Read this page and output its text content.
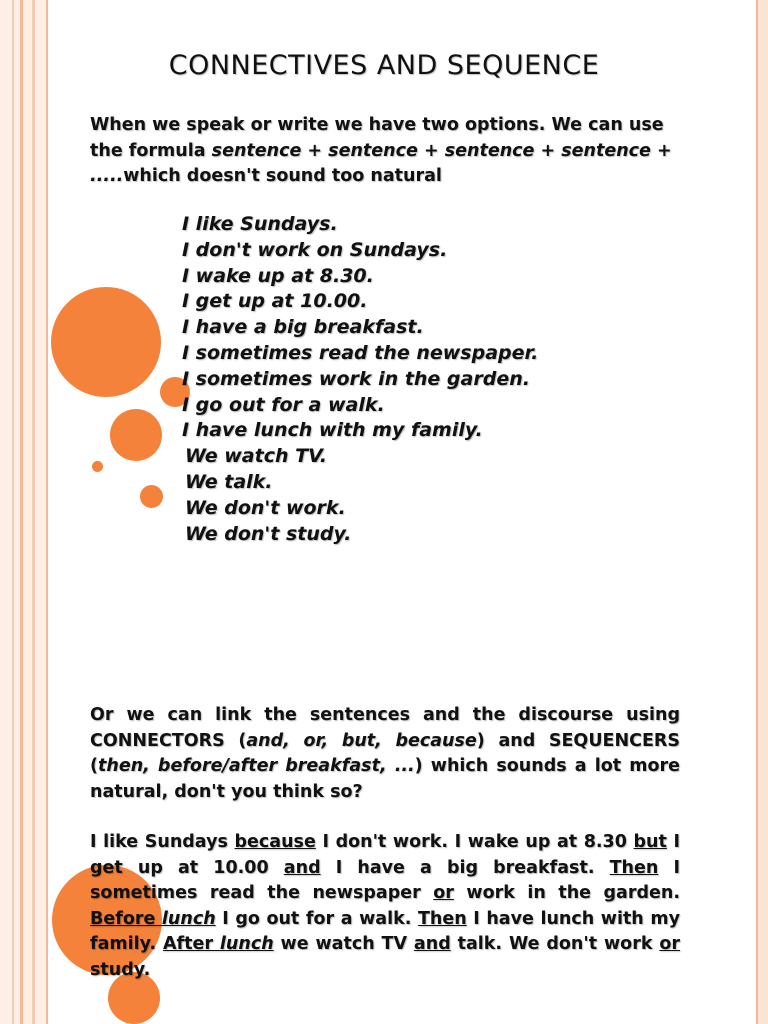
CONNECTIVES AND SEQUENCE
When we speak or write we have two options. We can use the formula sentence + sentence + sentence + sentence + .....which doesn't sound too natural
I like Sundays.
I don't work on Sundays.
I wake up at 8.30.
I get up at 10.00.
I have a big breakfast.
I sometimes read the newspaper.
I sometimes work in the garden.
I go out for a walk.
I have lunch with my family.
We watch TV.
We talk.
We don't work.
We don't study.
Or we can link the sentences and the discourse using CONNECTORS (and, or, but, because) and SEQUENCERS (then, before/after breakfast, ...) which sounds a lot more natural, don't you think so?
I like Sundays because I don't work. I wake up at 8.30 but I get up at 10.00 and I have a big breakfast. Then I sometimes read the newspaper or work in the garden. Before lunch I go out for a walk. Then I have lunch with my family. After lunch we watch TV and talk. We don't work or study.
